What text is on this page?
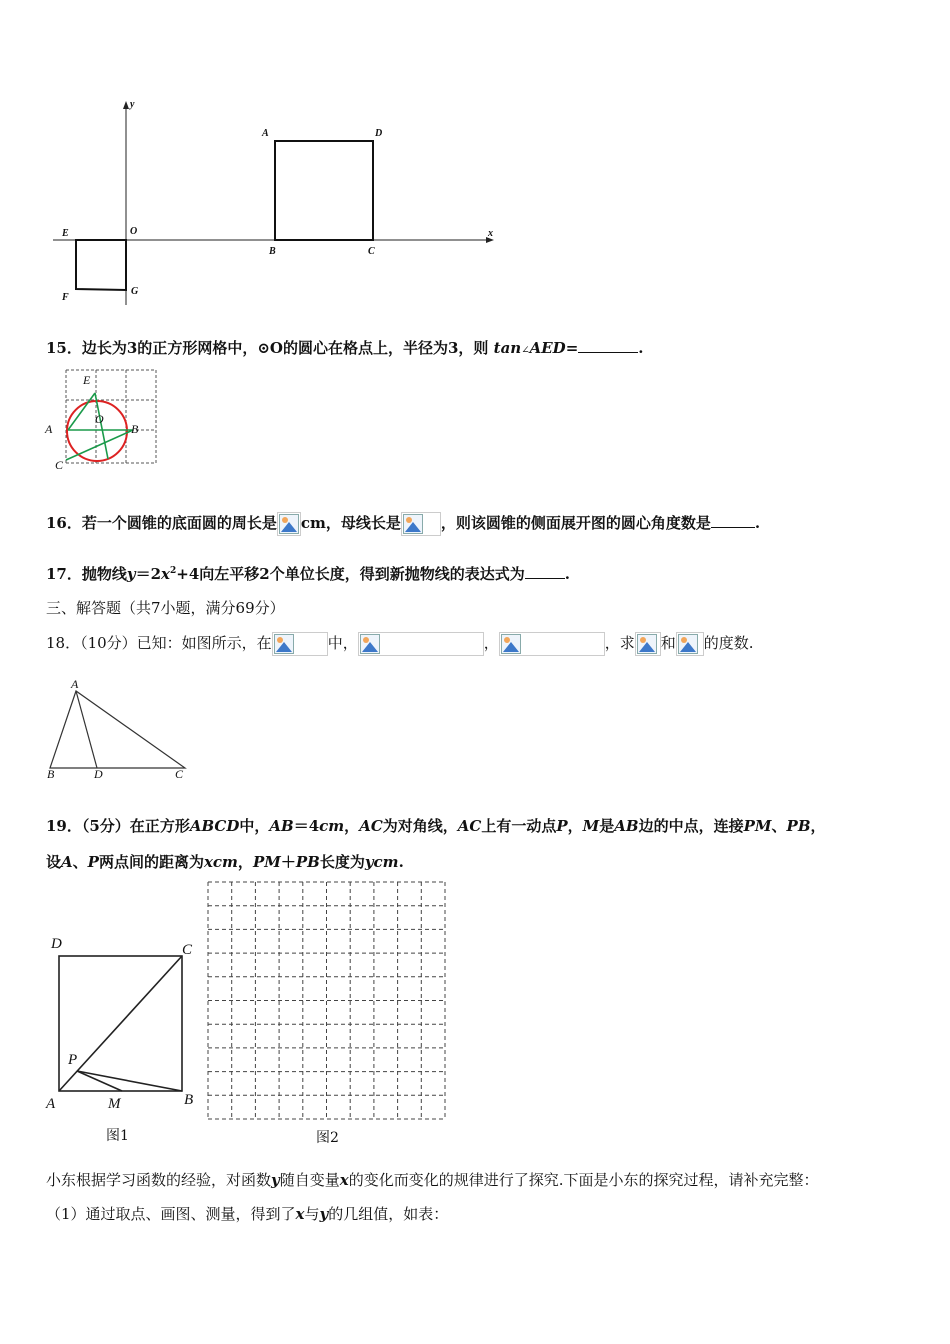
y
x
O
A	D
B	C
E
F
G
15．边长为3的正方形网格中，⊙O的圆心在格点上，半径为3，则 tan∠AED=	.
E
O
A	B
C
16．若一个圆锥的底面圆的周长是 cm，母线长是	，则该圆锥的侧面展开图的圆心角度数是	.
17．抛物线$y=2x^2+4$向左平移2个单位长度，得到新抛物线的表达式为	.
三、解答题（共7小题，满分69分）
18．（10分）已知：如图所示，在	中，	，	，求 和 的度数.
A
B	D	C
19．（5分）在正方形ABCD中，AB＝4cm，AC为对角线，AC上有一动点P，M是AB边的中点，连接PM、PB，
设A、P两点间的距离为xcm，PM＋PB长度为ycm.
D	C
P
A	M	B
图1	图2
小东根据学习函数的经验，对函数y随自变量x的变化而变化的规律进行了探究.下面是小东的探究过程，请补充完整：
（1）通过取点、画图、测量，得到了x与y的几组值，如表：
